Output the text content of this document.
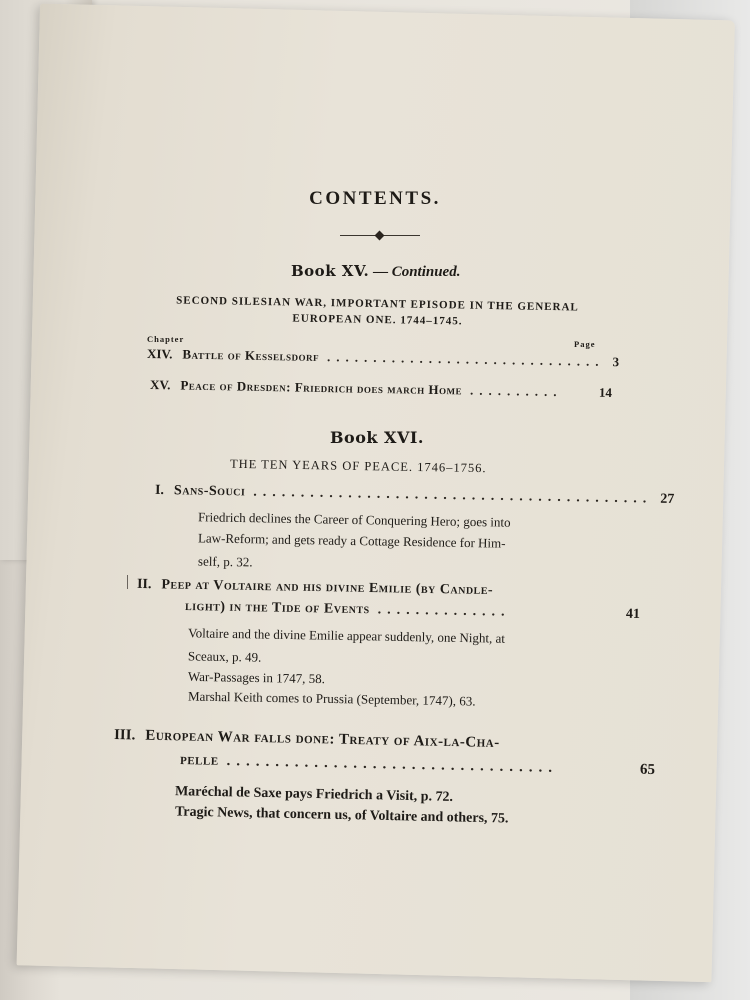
CONTENTS.
Book XV. — Continued.
SECOND SILESIAN WAR, IMPORTANT EPISODE IN THE GENERAL
EUROPEAN ONE. 1744–1745.
Chapter	Page
XIV. Battle of Kesselsdorf .............................. 3
XV. Peace of Dresden: Friedrich does march Home ..........	14
Book XVI.
THE TEN YEARS OF PEACE. 1746–1756.
I. Sans-Souci .......................................... 27
Friedrich declines the Career of Conquering Hero; goes into
Law-Reform; and gets ready a Cottage Residence for Him-
self, p. 32.
II. Peep at Voltaire and his divine Emilie (by Candle-
light) in the Tide of Events ..............	41
Voltaire and the divine Emilie appear suddenly, one Night, at
Sceaux, p. 49.
War-Passages in 1747, 58.
Marshal Keith comes to Prussia (September, 1747), 63.
III. European War falls done: Treaty of Aix-la-Cha-
pelle ..................................	65
Maréchal de Saxe pays Friedrich a Visit, p. 72.
Tragic News, that concern us, of Voltaire and others, 75.
